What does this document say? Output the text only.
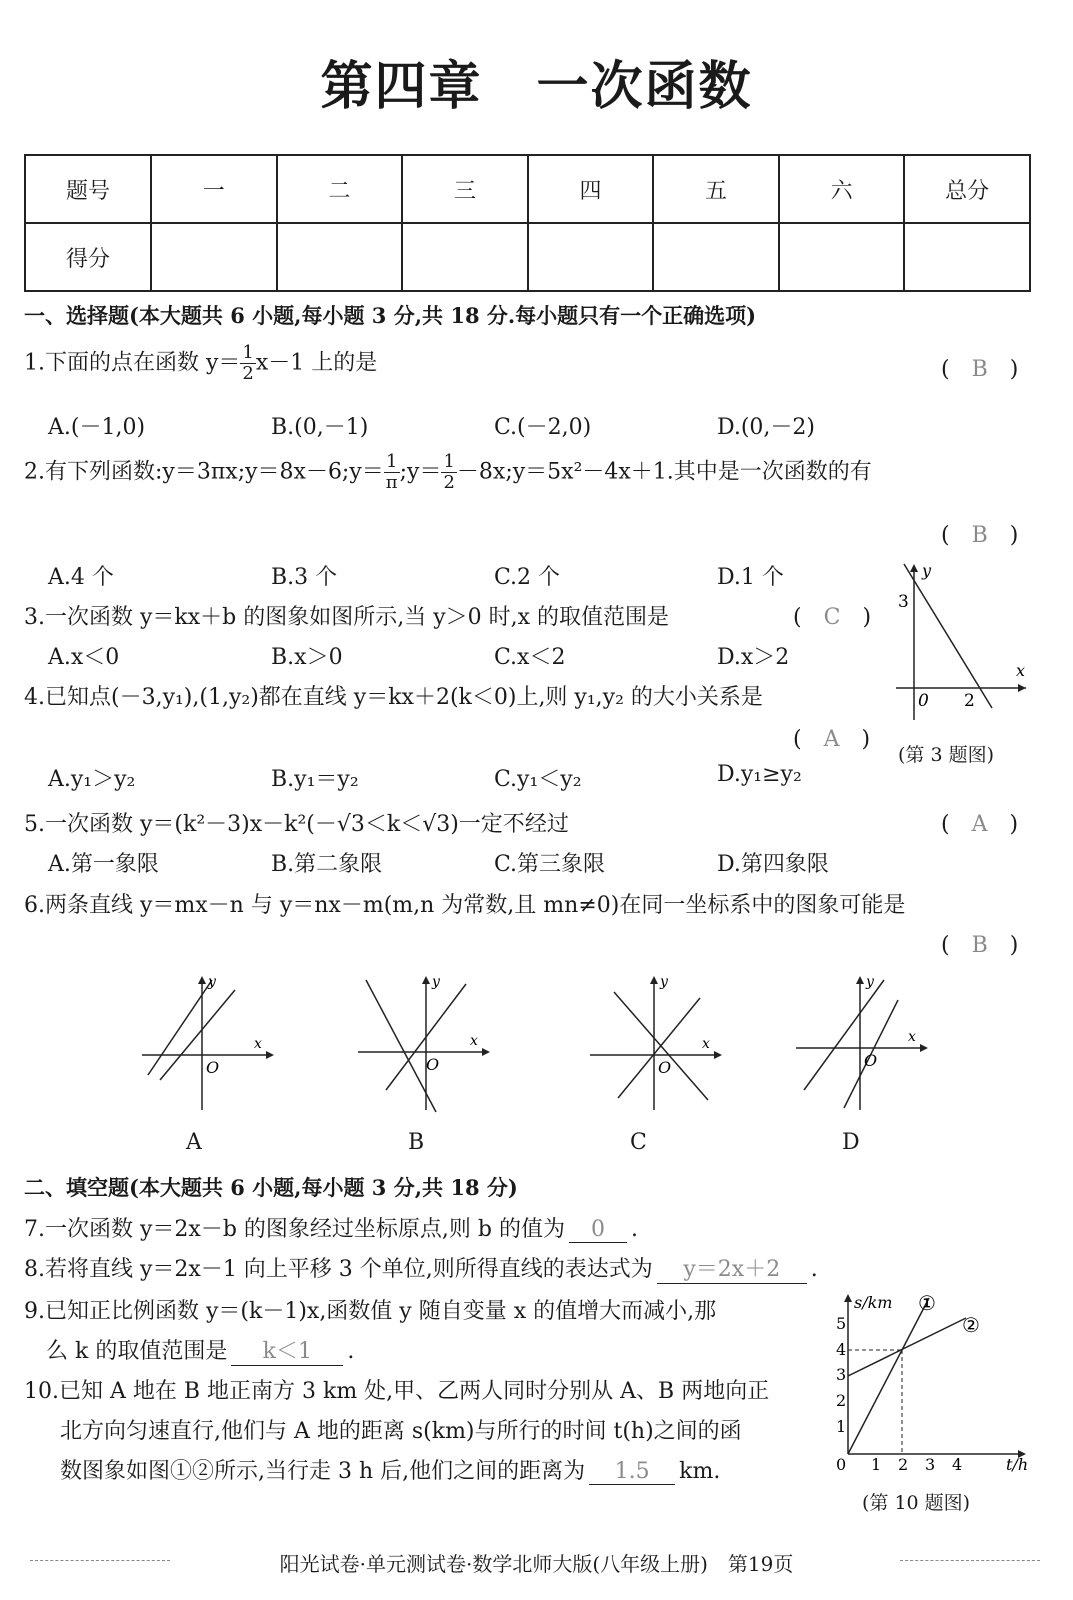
第四章　一次函数
题号	一	二	三	四	五	六	总分
得分							
一、选择题(本大题共 6 小题,每小题 3 分,共 18 分.每小题只有一个正确选项)
1.下面的点在函数 $y= \frac{1}{2} x-1$ 上的是	(　B　)
A.(－1,0)	B.(0,－1)	C.(－2,0)	D.(0,－2)
2.有下列函数:y＝3πx;y＝8x－6;y＝ $\frac{1}{\pi}$ ;y＝ $\frac{1}{2}$ －8x;y＝5x²－4x＋1.其中是一次函数的有
(　B　)
A.4 个	B.3 个	C.2 个	D.1 个
3.一次函数 y＝kx＋b 的图象如图所示,当 y＞0 时,x 的取值范围是	(　C　)
A.x＜0	B.x＞0	C.x＜2	D.x＞2
y
x
3
0 2
(第 3 题图)
4.已知点(－3,y₁),(1,y₂)都在直线 y＝kx＋2(k＜0)上,则 y₁,y₂ 的大小关系是
(　A　)
A.y₁＞y₂	B.y₁＝y₂	C.y₁＜y₂	D.y₁≥y₂
5.一次函数 y＝(k²－3)x－k²(－√3＜k＜√3)一定不经过	(　A　)
A.第一象限	B.第二象限	C.第三象限	D.第四象限
6.两条直线 y＝mx－n 与 y＝nx－m(m,n 为常数,且 mn≠0)在同一坐标系中的图象可能是
(　B　)
y
x
O
A
y
x
O
B
y
x
O
C
y
x
O
D
二、填空题(本大题共 6 小题,每小题 3 分,共 18 分)
7.一次函数 y＝2x－b 的图象经过坐标原点,则 b 的值为 0 .
8.若将直线 y＝2x－1 向上平移 3 个单位,则所得直线的表达式为 y＝2x＋2 .
9.已知正比例函数 y＝(k－1)x,函数值 y 随自变量 x 的值增大而减小,那
么 k 的取值范围是 k＜1 .
10.已知 A 地在 B 地正南方 3 km 处,甲、乙两人同时分别从 A、B 两地向正
北方向匀速直行,他们与 A 地的距离 s(km)与所行的时间 t(h)之间的函
数图象如图①②所示,当行走 3 h 后,他们之间的距离为 1.5 km.
s/km
t/h
①
②
0 1 2 3 4
1
2
3
4
5
(第 10 题图)
阳光试卷·单元测试卷·数学北师大版(八年级上册)　第19页
